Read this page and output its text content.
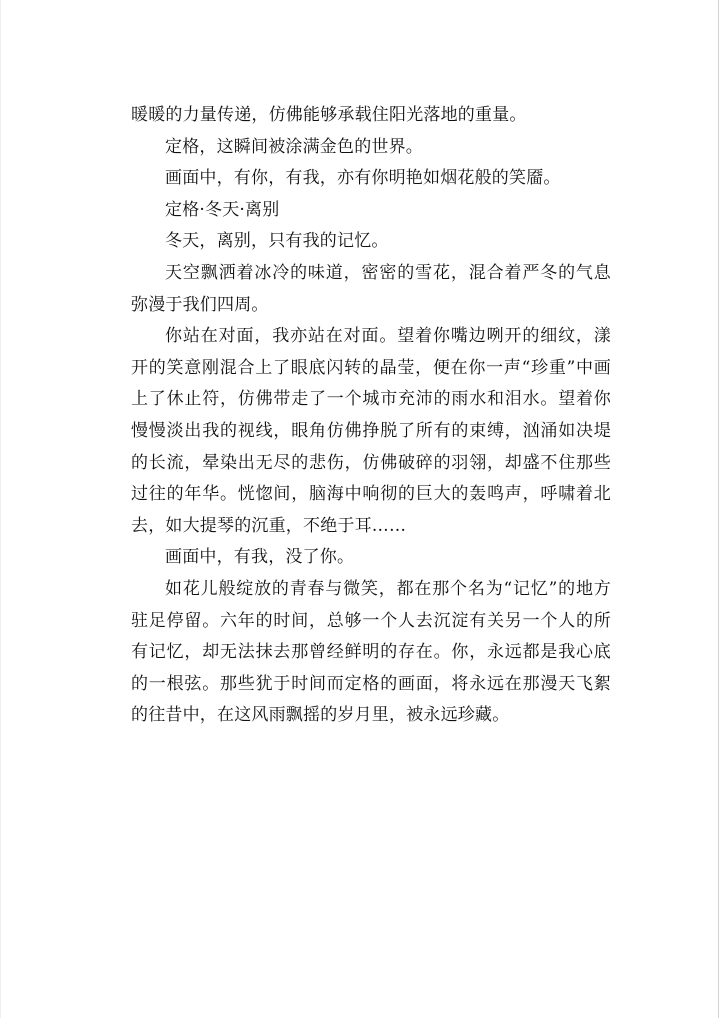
暖暖的力量传递，仿佛能够承载住阳光落地的重量。

定格，这瞬间被涂满金色的世界。

画面中，有你，有我，亦有你明艳如烟花般的笑靥。

定格·冬天·离别

冬天，离别，只有我的记忆。

天空飘洒着冰冷的味道，密密的雪花，混合着严冬的气息弥漫于我们四周。

你站在对面，我亦站在对面。望着你嘴边咧开的细纹，漾开的笑意刚混合上了眼底闪转的晶莹，便在你一声“珍重”中画上了休止符，仿佛带走了一个城市充沛的雨水和泪水。望着你慢慢淡出我的视线，眼角仿佛挣脱了所有的束缚，汹涌如决堤的长流，晕染出无尽的悲伤，仿佛破碎的羽翎，却盛不住那些过往的年华。恍惚间，脑海中响彻的巨大的轰鸣声，呼啸着北去，如大提琴的沉重，不绝于耳……

画面中，有我，没了你。

如花儿般绽放的青春与微笑，都在那个名为“记忆”的地方驻足停留。六年的时间，总够一个人去沉淀有关另一个人的所有记忆，却无法抹去那曾经鲜明的存在。你，永远都是我心底的一根弦。那些犹于时间而定格的画面，将永远在那漫天飞絮的往昔中，在这风雨飘摇的岁月里，被永远珍藏。
